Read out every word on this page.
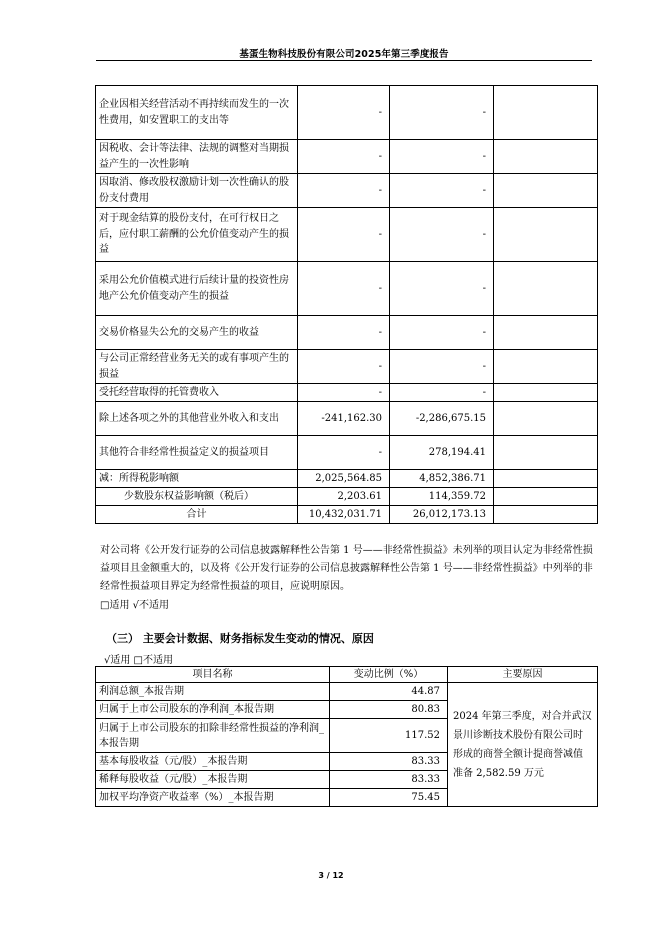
基蛋生物科技股份有限公司2025年第三季度报告
企业因相关经营活动不再持续而发生的一次性费用，如安置职工的支出等	-	-	
因税收、会计等法律、法规的调整对当期损益产生的一次性影响	-	-	
因取消、修改股权激励计划一次性确认的股份支付费用	-	-	
对于现金结算的股份支付，在可行权日之后，应付职工薪酬的公允价值变动产生的损益	-	-	
采用公允价值模式进行后续计量的投资性房地产公允价值变动产生的损益	-	-	
交易价格显失公允的交易产生的收益	-	-	
与公司正常经营业务无关的或有事项产生的损益	-	-	
受托经营取得的托管费收入	-	-	
除上述各项之外的其他营业外收入和支出	-241,162.30	-2,286,675.15	
其他符合非经常性损益定义的损益项目	-	278,194.41	
减：所得税影响额	2,025,564.85	4,852,386.71	
少数股东权益影响额（税后）	2,203.61	114,359.72	
合计	10,432,031.71	26,012,173.13	

对公司将《公开发行证券的公司信息披露解释性公告第 1 号——非经常性损益》未列举的项目认定为非经常性损益项目且金额重大的，以及将《公开发行证券的公司信息披露解释性公告第 1 号——非经常性损益》中列举的非经常性损益项目界定为经常性损益的项目，应说明原因。

□适用 √不适用

（三） 主要会计数据、财务指标发生变动的情况、原因
√适用 □不适用
项目名称	变动比例（%）	主要原因
利润总额_本报告期	44.87	2024 年第三季度，对合并武汉景川诊断技术股份有限公司时形成的商誉全额计提商誉减值准备 2,582.59 万元
归属于上市公司股东的净利润_本报告期	80.83	
归属于上市公司股东的扣除非经常性损益的净利润_本报告期	117.52	
基本每股收益（元/股）_本报告期	83.33	
稀释每股收益（元/股）_本报告期	83.33	
加权平均净资产收益率（%）_本报告期	75.45	
3 / 12
